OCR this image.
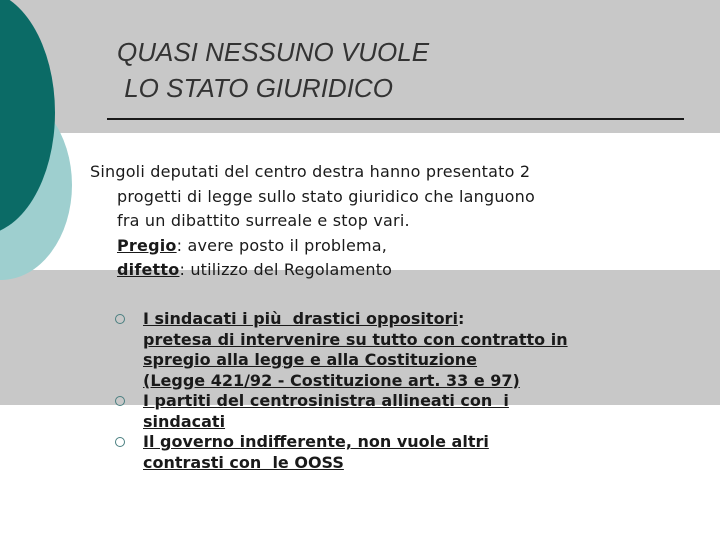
QUASI NESSUNO VUOLE
LO STATO GIURIDICO
Singoli deputati del centro destra hanno presentato 2
progetti di legge sullo stato giuridico che languono
fra un dibattito surreale e stop vari.
Pregio: avere posto il problema,
difetto: utilizzo del Regolamento
I sindacati i più  drastici oppositori:
pretesa di intervenire su tutto con contratto in
spregio alla legge e alla Costituzione
(Legge 421/92 - Costituzione art. 33 e 97)
I partiti del centrosinistra allineati con  i
sindacati
Il governo indifferente, non vuole altri
contrasti con  le OOSS
